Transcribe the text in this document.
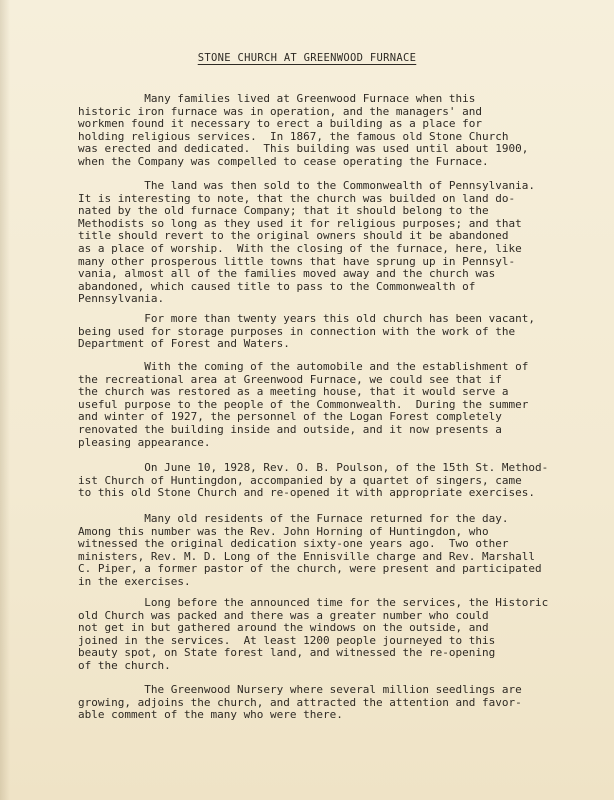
STONE CHURCH AT GREENWOOD FURNACE
Many families lived at Greenwood Furnace when this
historic iron furnace was in operation, and the managers' and
workmen found it necessary to erect a building as a place for
holding religious services.  In 1867, the famous old Stone Church
was erected and dedicated.  This building was used until about 1900,
when the Company was compelled to cease operating the Furnace.
The land was then sold to the Commonwealth of Pennsylvania.
It is interesting to note, that the church was builded on land do-
nated by the old furnace Company; that it should belong to the
Methodists so long as they used it for religious purposes; and that
title should revert to the original owners should it be abandoned
as a place of worship.  With the closing of the furnace, here, like
many other prosperous little towns that have sprung up in Pennsyl-
vania, almost all of the families moved away and the church was
abandoned, which caused title to pass to the Commonwealth of
Pennsylvania.
For more than twenty years this old church has been vacant,
being used for storage purposes in connection with the work of the
Department of Forest and Waters.
With the coming of the automobile and the establishment of
the recreational area at Greenwood Furnace, we could see that if
the church was restored as a meeting house, that it would serve a
useful purpose to the people of the Commonwealth.  During the summer
and winter of 1927, the personnel of the Logan Forest completely
renovated the building inside and outside, and it now presents a
pleasing appearance.
On June 10, 1928, Rev. O. B. Poulson, of the 15th St. Method-
ist Church of Huntingdon, accompanied by a quartet of singers, came
to this old Stone Church and re-opened it with appropriate exercises.
Many old residents of the Furnace returned for the day.
Among this number was the Rev. John Horning of Huntingdon, who
witnessed the original dedication sixty-one years ago.  Two other
ministers, Rev. M. D. Long of the Ennisville charge and Rev. Marshall
C. Piper, a former pastor of the church, were present and participated
in the exercises.
Long before the announced time for the services, the Historic
old Church was packed and there was a greater number who could
not get in but gathered around the windows on the outside, and
joined in the services.  At least 1200 people journeyed to this
beauty spot, on State forest land, and witnessed the re-opening
of the church.
The Greenwood Nursery where several million seedlings are
growing, adjoins the church, and attracted the attention and favor-
able comment of the many who were there.
